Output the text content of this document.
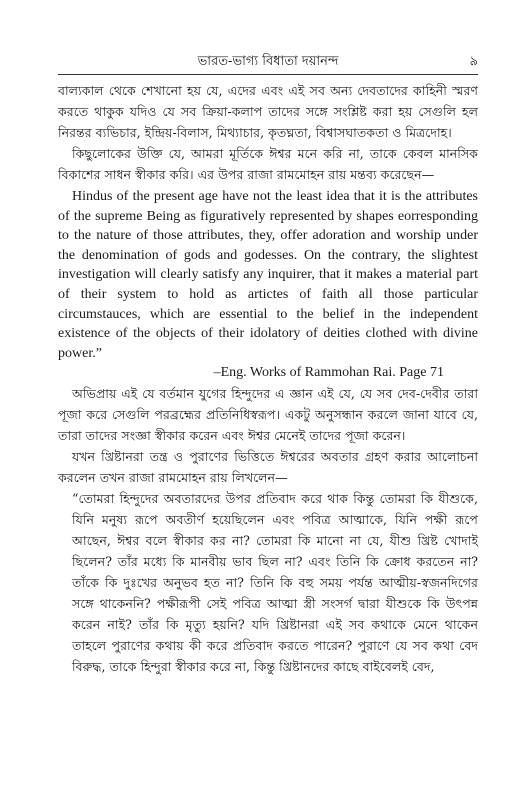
ভারত-ভাগ্য বিধাতা দয়ানন্দ	৯

বাল্যকাল থেকে শেখানো হয় যে, এদের এবং এই সব অন্য দেবতাদের কাহিনী স্মরণ করতে থাকুক যদিও যে সব ক্রিয়া-কলাপ তাদের সঙ্গে সংশ্লিষ্ট করা হয় সেগুলি হল নিরন্তর ব্যভিচার, ইন্দ্রিয়-বিলাস, মিথ্যাচার, কৃতঘ্নতা, বিশ্বাসঘাতকতা ও মিত্রদোহ।

কিছুলোকের উক্তি যে, আমরা মূর্তিকে ঈশ্বর মনে করি না, তাকে কেবল মানসিক বিকাশের সাধন স্বীকার করি। এর উপর রাজা রামমোহন রায় মন্তব্য করেছেন—

Hindus of the present age have not the least idea that it is the attributes of the supreme Being as figuratively represented by shapes eorresponding to the nature of those attributes, they, offer adoration and worship under the denomination of gods and godesses. On the contrary, the slightest investigation will clearly satisfy any inquirer, that it makes a material part of their system to hold as artictes of faith all those particular circumstauces, which are essential to the belief in the independent existence of the objects of their idolatory of deities clothed with divine power.”

–Eng. Works of Rammohan Rai. Page 71

অভিপ্রায় এই যে বর্তমান যুগের হিন্দুদের এ জ্ঞান এই যে, যে সব দেব-দেবীর তারা পূজা করে সেগুলি পরব্রহ্মের প্রতিনিধিস্বরূপ। একটু অনুসন্ধান করলে জানা যাবে যে, তারা তাদের সংজ্ঞা স্বীকার করেন এবং ঈশ্বর মেনেই তাদের পূজা করেন।

যখন খ্রিষ্টানরা তন্ত্র ও পুরাণের ভিত্তিতে ঈশ্বরের অবতার গ্রহণ করার আলোচনা করলেন তখন রাজা রামমোহন রায় লিখলেন—

“তোমরা হিন্দুদের অবতারদের উপর প্রতিবাদ করে থাক কিন্তু তোমরা কি যীশুকে, যিনি মনুষ্য রূপে অবতীর্ণ হয়েছিলেন এবং পবিত্র আত্মাকে, যিনি পক্ষী রূপে আছেন, ঈশ্বর বলে স্বীকার কর না? তোমরা কি মানো না যে, যীশু খ্রিষ্ট খোদাই ছিলেন? তাঁর মধ্যে কি মানবীয় ভাব ছিল না? এবং তিনি কি ক্রোধ করতেন না? তাঁকে কি দুঃখের অনুভব হত না? তিনি কি বহু সময় পর্যন্ত আত্মীয়-স্বজনদিগের সঙ্গে থাকেননি? পক্ষীরূপী সেই পবিত্র আত্মা স্ত্রী সংসর্গ দ্বারা যীশুকে কি উৎপন্ন করেন নাই? তাঁর কি মৃত্যু হয়নি? যদি খ্রিষ্টানরা এই সব কথাকে মেনে থাকেন তাহলে পুরাণের কথায় কী করে প্রতিবাদ করতে পারেন? পুরাণে যে সব কথা বেদ বিরুদ্ধ, তাকে হিন্দুরা স্বীকার করে না, কিন্তু খ্রিষ্টানদের কাছে বাইবেলই বেদ,
